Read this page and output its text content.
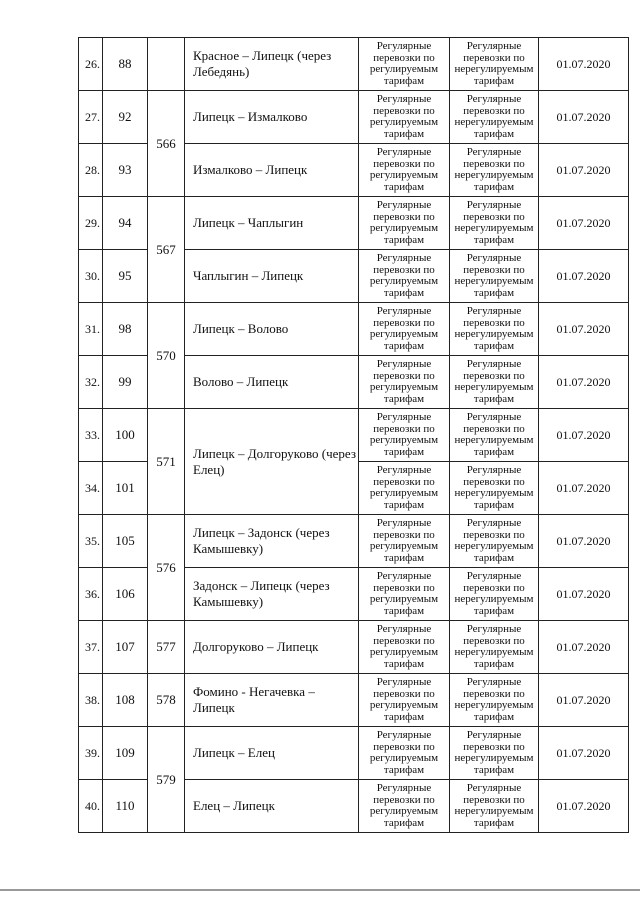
26.	88		Красное – Липецк (через Лебедянь)	Регулярные перевозки по регулируемым тарифам	Регулярные перевозки по нерегулируемым тарифам	01.07.2020
27.	92	566	Липецк – Измалково	Регулярные перевозки по регулируемым тарифам	Регулярные перевозки по нерегулируемым тарифам	01.07.2020
28.	93		Измалково – Липецк	Регулярные перевозки по регулируемым тарифам	Регулярные перевозки по нерегулируемым тарифам	01.07.2020
29.	94	567	Липецк – Чаплыгин	Регулярные перевозки по регулируемым тарифам	Регулярные перевозки по нерегулируемым тарифам	01.07.2020
30.	95		Чаплыгин – Липецк	Регулярные перевозки по регулируемым тарифам	Регулярные перевозки по нерегулируемым тарифам	01.07.2020
31.	98	570	Липецк – Волово	Регулярные перевозки по регулируемым тарифам	Регулярные перевозки по нерегулируемым тарифам	01.07.2020
32.	99		Волово – Липецк	Регулярные перевозки по регулируемым тарифам	Регулярные перевозки по нерегулируемым тарифам	01.07.2020
33.	100	571	Липецк – Долгоруково (через Елец)	Регулярные перевозки по регулируемым тарифам	Регулярные перевозки по нерегулируемым тарифам	01.07.2020
34.	101			Регулярные перевозки по регулируемым тарифам	Регулярные перевозки по нерегулируемым тарифам	01.07.2020
35.	105	576	Липецк – Задонск (через Камышевку)	Регулярные перевозки по регулируемым тарифам	Регулярные перевозки по нерегулируемым тарифам	01.07.2020
36.	106		Задонск – Липецк (через Камышевку)	Регулярные перевозки по регулируемым тарифам	Регулярные перевозки по нерегулируемым тарифам	01.07.2020
37.	107	577	Долгоруково – Липецк	Регулярные перевозки по регулируемым тарифам	Регулярные перевозки по нерегулируемым тарифам	01.07.2020
38.	108	578	Фомино - Негачевка – Липецк	Регулярные перевозки по регулируемым тарифам	Регулярные перевозки по нерегулируемым тарифам	01.07.2020
39.	109	579	Липецк – Елец	Регулярные перевозки по регулируемым тарифам	Регулярные перевозки по нерегулируемым тарифам	01.07.2020
40.	110		Елец – Липецк	Регулярные перевозки по регулируемым тарифам	Регулярные перевозки по нерегулируемым тарифам	01.07.2020
